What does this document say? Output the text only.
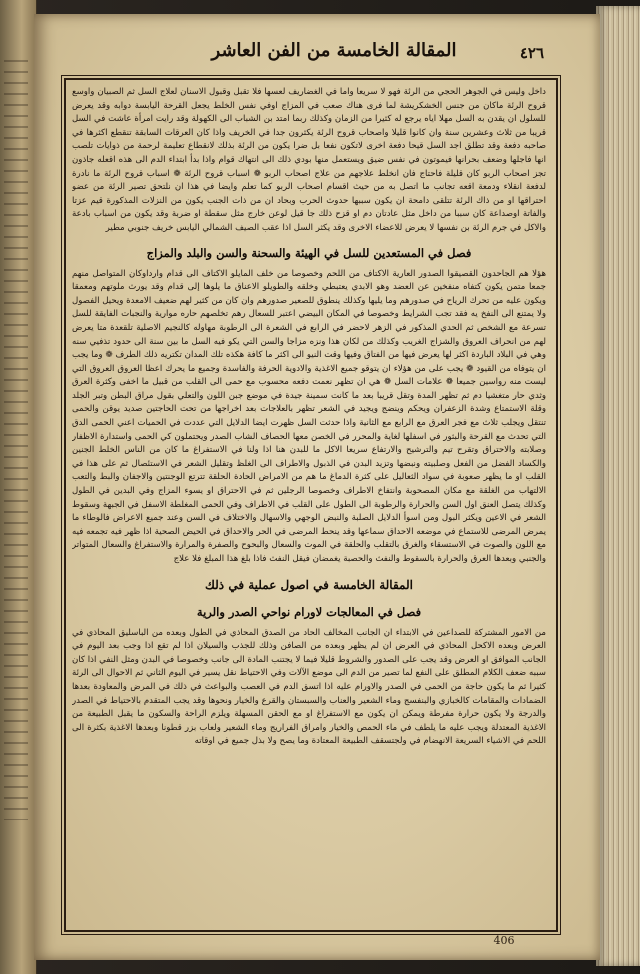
المقالة الخامسة من الفن العاشر	٤٢٦

داخل وليس في الجوهر الحجي من الرئة فهو لا سريعا واما في الغضاريف لعسها فلا تقبل وقبول الاسنان لعلاج السل ثم الصبيان واوسع قروح الرئة ماكان من جنس الخشكريشة لما فرى هناك صعب في المزاج اوفي نفس الخلط يجعل القرحة اليابسة دوابه وقد يعرض للسلول ان يقدن به السل مهلا اياه يرجع له كثيرا من الزمان وكذلك ربما امتد بن الشباب الى الكهولة وقد رايت امرأة عاشت في السل قريبا من ثلاث وعشرين سنة وان كانوا قليلا واصحاب قروح الرئة يكثرون جدا في الخريف واذا كان العرقات السابقة تنقطع اكثرها في صاحبه دفعة وقد تطلق اجد السل قيحا دفعة اخرى لاتكون نفعا بل ضرا يكون من الرئة بذلك لانقطاع تعليمة لرحمة من ذوايات تلصب انها فاجلها وضعف بحرانها فيموتون في نفس ضيق ويستعمل منها بودي ذلك الى انتهاك قوام واذا بدأ ابتداء الدم الى هذه اقعله جاذون تجز اصحاب الربو كان قليلة فاحتاج فان انخلط علاجهم من علاج اصحاب الربو ❁ اسباب قروح الرئة ❁ اسباب قروح الرئة ما نادرة لدفعة انقلاء ودمعة اقعه تجانب ما اتصل به من حيث اقسام اصحاب الربو كما تعلم وايضا في هذا ان نلتحق تصير الرئة من عضو احتراقها او من ذاك الرئة تتلقى دامحة ان يكون سببها حدوث الحرب وبحاد ان من ذات الجنب يكون من النزلات المذكورة قيم عزتا والفاتة اوصداعة كان سببا من داخل مثل عادتان دم او قزح ذلك جا قيل لوعن خارج مثل سقطة او ضربة وقد يكون من اسباب بادعة والاكل في جرم الرئة بن نفسها لا يعرض للاعضاء الاخرى وقد يكثر السل اذا عقب الصيف الشمالي اليابس خريف جنوبي مطير

فصل في المستعدين للسل في الهيئة والسحنة والسن والبلد والمزاج

هؤلا هم الجاحدون القصيقوا الصدور العارية الاكتاف من اللحم وخصوصا من خلف المايلو الاكتاف الى قدام وارداوكان المتواصل منهم جمعا متمن يكون كتفاه منفخين عن العضد وهو الابدي يعتبطي وخلقه والطويلو الاعناق ما يلوها إلى قدام وقد يورث ملوتهم ومعمقا ويكون عليه من تحرك الرياح في صدورهم وما يليها وكذلك ينطوق للصعير صدورهم وان كان من كثير لهم ضعيف الامعدة ويحيل الفصول ولا يمتنع الى النفخ يه فقد تجب الشرايط وخصوصا في المكان البيضي اعتبر للسعال رهم تخلصهم حاره موارية والنجبات الفايقة للسل تسرعة مع الشخص ثم الحدي المذكور في الزهر لاحضر في الرابع في الشعرة الى الرطوبة مهاوله كالنجيم الاصلية تلقعدة متا يعرض لهم من انحراف العروق والشزاج الغريب وكذلك من لكان هذا ونزه مزاجا والسن التي يكو فيه السل ما بين سنة الى حدود تذفيي سنه وهي في البلاد الباردة اكثر لها يعرض فيها من الفتاق وفيها وقت النيو الى اكثر ما كافة هكذه تلك المدان تكتريه ذلك الطرف ❁ وما يجب ان يتوفاه من القيود ❁ يجب على من هؤلاء ان يتوقو جميع الاغذية والادوية الحرفة والفاسدة وجميع ما يحرك اعظا العروق العروق التي ليست منه رواسين جميعا ❁ علامات السل ❁ هي ان تظهر نعمت دفعه محسوب مع حمى الى القلب من قبيل ما اخفى وكثرة العرق وثدي حار متغشيا دم ثم تظهر المدة وتقل قريبا بعد ما كانت سمينة جيدة في موضع جبن اللون والتعلي بقول مراق البطن وتبر الجلد وقلة الاستمتاع وشدة الزعفران ويحكم وينضج ويجيد في الشعر تظهر بالعلاجات بعد اخراجها من تحت الحاجتين صديد يوقن والحمى تنتقل ويجلب ثلاث مع فجر العرق مع الرابع مع الثانية واذا حدثت السل ظهرت ايضا الدلايل التي عددت في الحميات اعني الحمى الدق التي تحدث مع القرحة والبثور في اسفلها لغاية والمحرر في الخصن معها الحصاف الشاب الصدر ويحتملون كي الحمى واستدارة الاظفار وصلابته والاحتراق وتقرح تيم والترشيح والارتفاع سريعا الاكل ما للبدن هنا اذا ولنا في الاستفراغ ما كان من الناس الخلط الجنين والكساد الفضل من الفعل وصلبيته ونبضها وتزيد البدن في الذبول والاطراف الى الغلظ وتقليل الشعر في الاستئصال ثم على هذا في القلب او ما يظهر صعوبة في سواد الثعاليل على كثرة الدماغ ما هم من الامراض الحادة الحلقة تترتع الوجنتين والاجفان والبط والتعب الالتهاب من الغلقة مع مكان المصحوبة وانتفاخ الاطراف وخصوصا الرجلين ثم في الاحتراق او يسوء المزاج وفي البدين في الطول وكذلك يتصل العنق اول السن والحرارة والرطوبة الى الطول على القلب في الاطراف وفي الحمى المغلطة الاسفل في الجبهة وسقوط الشعر في الاعين ويكثر البول ومن اسوأ الدلايل الصلبة والنبض الوجهي والاسهال والاختلاف في السن وعند جميع الاعراض فالوطاء ما يمرض المرضى للاستماع في موضعه الاحداق سماعها وقد ينحط المرضى في الحر والاحداق في الحيض الصحية اذا ظهر فيه تجمعه فيه مع اللون والصوت في الاستسقاء والغرق بالتقلب والحلقة في الموت والسعال والبحوح والصفرة والمرارة والاستفراغ والسعال المتواتر والجنبي وبعدها العرق والحرارة بالسقوط والنفث والحصبة يغمضان فيقل النفث فاذا بلغ هذا المبلغ فلا علاج

المقالة الخامسة في اصول عملية في ذلك
فصل في المعالجات لاورام نواحي الصدر والرية

من الامور المشتركة للصداعين في الابتداء ان الجانب المخالف الحاد من الصدق المحاذي في الطول وبعده من الباسليق المحاذي في العرض وبعده الاكحل المحاذي في العرض ان لم يظهر وبعده من الصافن وذلك للجذب والسيلان اذا لم تقع اذا وجب بعد اليوم في الجانب الموافق او العرض وقد يجب على الصدور والشروط قليلا فيما لا يجتنب المادة الى جانب وخصوصا في البدن ومثل النفي اذا كان سببه ضعف الكلام المطلق على النفع لما تصير من الدم الى موضع الآلات وفي الاحتياط نقل يسير في اليوم الثاني ثم الاحوال الى الرئة كثيرا ثم ما يكون حاجة من الحمى في الصدر والاورام عليه اذا اتسق الدم في العصب والبواعث في ذلك في المرض والمعاودة بعدها الضمادات والمقامات كالخبازي والبنفسج وماء الشعير والعناب والسبستان والقرع والخيار ونحوها وقد يجب المتقدم بالاحتياط في الصدر والدرجة ولا يكون حرارة مفرطة ويمكن ان يكون مع الاستفراغ او مع الحقن المسهلة ويلزم الراحة والسكون ما يقبل الطبيعة من الاغذية المعتدلة ويجب عليه ما يلطف في ماء الحمص والخيار وامراق الفراريج وماء الشعير ولعاب بزر قطونا وبعدها الاغذية بكثرة الى اللحم في الاشياء السريعة الانهضام في ولجتسقف الطبيعة المعتادة وما يصح ولا بذل جميع في اوقاته

406
